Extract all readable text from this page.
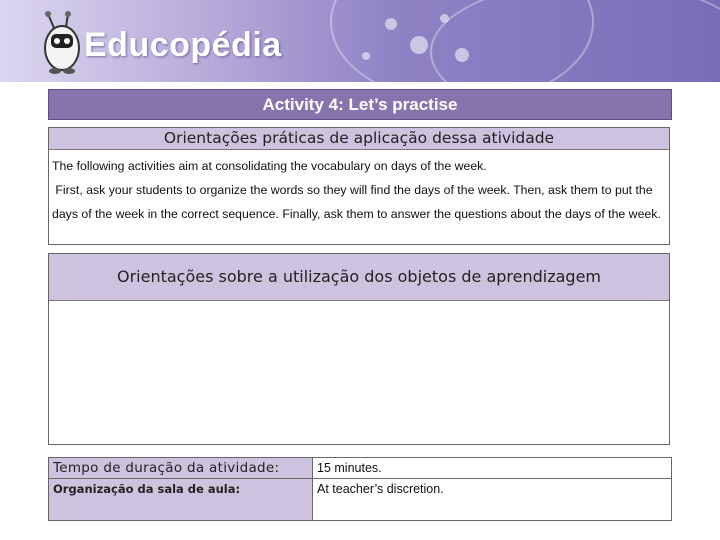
Educopédia
Activity 4: Let’s practise
Orientações práticas de aplicação dessa atividade

The following activities aim at consolidating the vocabulary on days of the week.

First, ask your students to organize the words so they will find the days of the week. Then, ask them to put the days of the week in the correct sequence. Finally, ask them to answer the questions about the days of the week.

Orientações sobre a utilização dos objetos de aprendizagem
Tempo de duração da atividade:	15 minutes.
Organização da sala de aula:	At teacher’s discretion.
